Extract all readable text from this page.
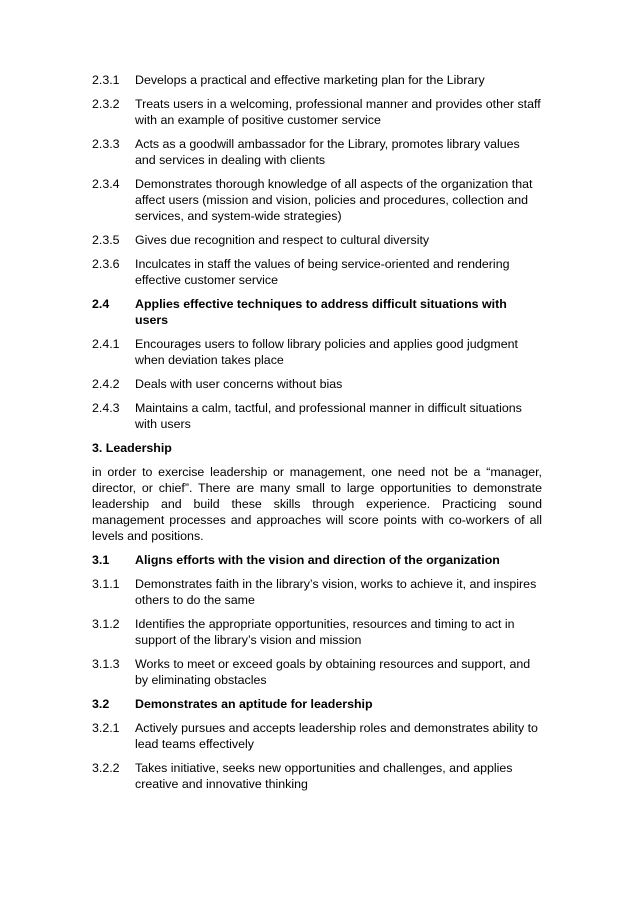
2.3.1	Develops a practical and effective marketing plan for the Library
2.3.2	Treats users in a welcoming, professional manner and provides other staff with an example of positive customer service
2.3.3	Acts as a goodwill ambassador for the Library, promotes library values and services in dealing with clients
2.3.4	Demonstrates thorough knowledge of all aspects of the organization that affect users (mission and vision, policies and procedures, collection and services, and system-wide strategies)
2.3.5	Gives due recognition and respect to cultural diversity
2.3.6	Inculcates in staff the values of being service-oriented and rendering effective customer service
2.4	Applies effective techniques to address difficult situations with users
2.4.1	Encourages users to follow library policies and applies good judgment when deviation takes place
2.4.2	Deals with user concerns without bias
2.4.3	Maintains a calm, tactful, and professional manner in difficult situations with users
3. Leadership
in order to exercise leadership or management, one need not be a “manager, director, or chief”. There are many small to large opportunities to demonstrate leadership and build these skills through experience. Practicing sound management processes and approaches will score points with co-workers of all levels and positions.
3.1	Aligns efforts with the vision and direction of the organization
3.1.1	Demonstrates faith in the library’s vision, works to achieve it, and inspires others to do the same
3.1.2	Identifies the appropriate opportunities, resources and timing to act in support of the library’s vision and mission
3.1.3	Works to meet or exceed goals by obtaining resources and support, and by eliminating obstacles
3.2	Demonstrates an aptitude for leadership
3.2.1	Actively pursues and accepts leadership roles and demonstrates ability to lead teams effectively
3.2.2	Takes initiative, seeks new opportunities and challenges, and applies creative and innovative thinking
